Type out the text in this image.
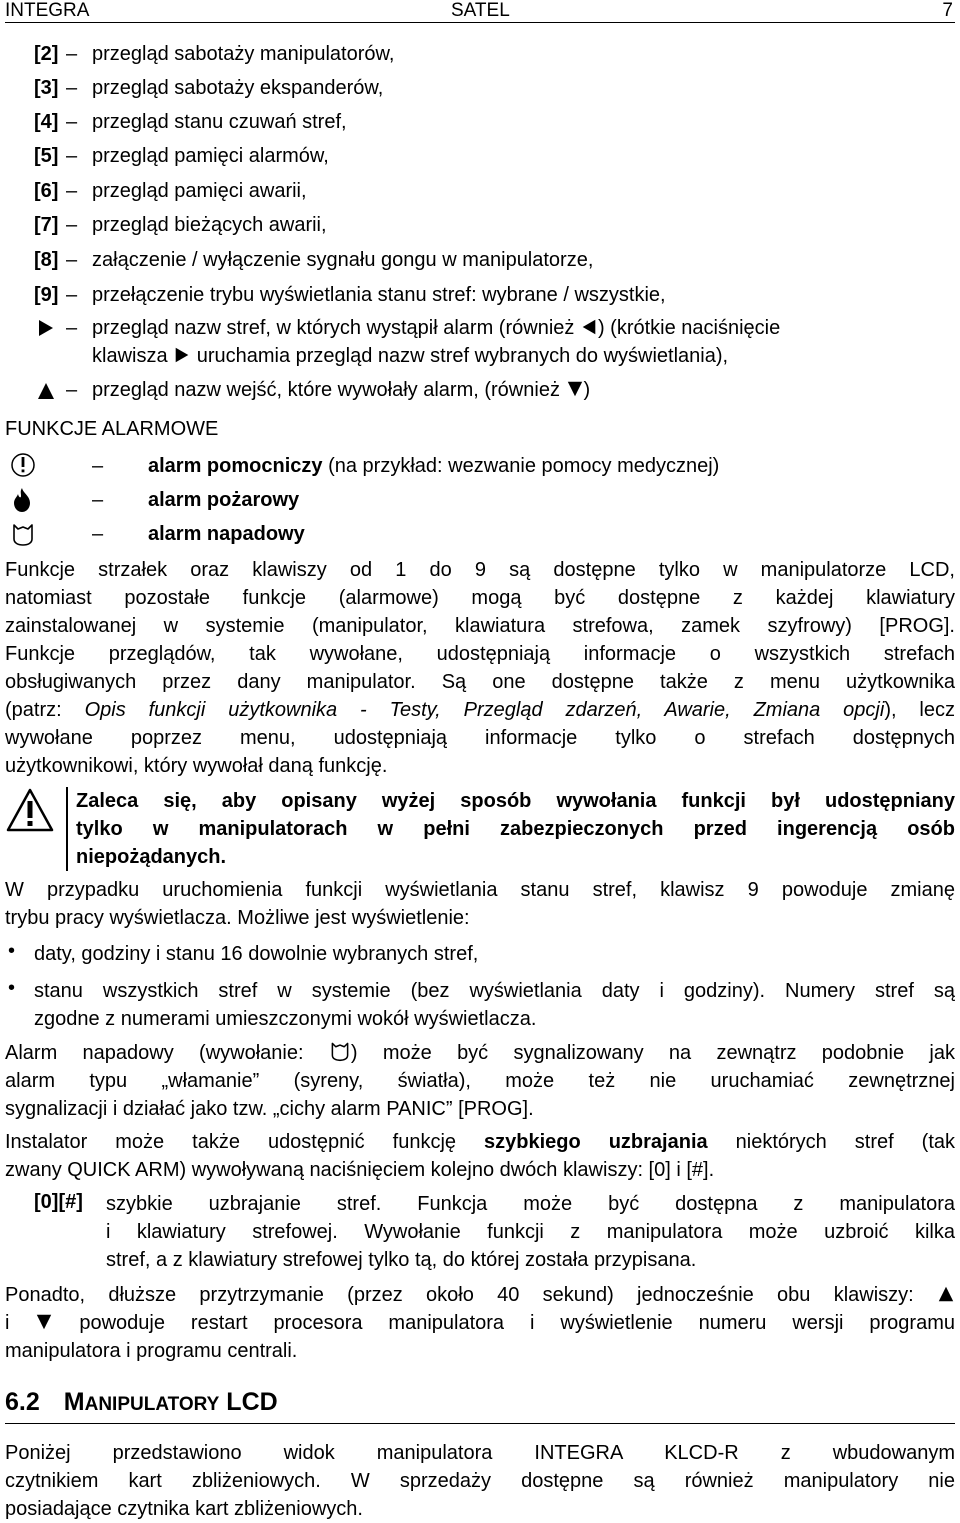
INTEGRA	SATEL	7
[2] – przegląd sabotaży manipulatorów,
[3] – przegląd sabotaży ekspanderów,
[4] – przegląd stanu czuwań stref,
[5] – przegląd pamięci alarmów,
[6] – przegląd pamięci awarii,
[7] – przegląd bieżących awarii,
[8] – załączenie / wyłączenie sygnału gongu w manipulatorze,
[9] – przełączenie trybu wyświetlania stanu stref: wybrane / wszystkie,
– przegląd nazw stref, w których wystąpił alarm (również ) (krótkie naciśnięcie
klawisza uruchamia przegląd nazw stref wybranych do wyświetlania),
– przegląd nazw wejść, które wywołały alarm, (również )
FUNKCJE ALARMOWE
– alarm pomocniczy (na przykład: wezwanie pomocy medycznej)
– alarm pożarowy
– alarm napadowy
Funkcje strzałek oraz klawiszy od 1 do 9 są dostępne tylko w manipulatorze LCD,
natomiast pozostałe funkcje (alarmowe) mogą być dostępne z każdej klawiatury
zainstalowanej w systemie (manipulator, klawiatura strefowa, zamek szyfrowy) [PROG].
Funkcje przeglądów, tak wywołane, udostępniają informacje o wszystkich strefach
obsługiwanych przez dany manipulator. Są one dostępne także z menu użytkownika
(patrz: Opis funkcji użytkownika - Testy, Przegląd zdarzeń, Awarie, Zmiana opcji), lecz
wywołane poprzez menu, udostępniają informacje tylko o strefach dostępnych
użytkownikowi, który wywołał daną funkcję.
Zaleca się, aby opisany wyżej sposób wywołania funkcji był udostępniany
tylko w manipulatorach w pełni zabezpieczonych przed ingerencją osób
niepożądanych.
W przypadku uruchomienia funkcji wyświetlania stanu stref, klawisz 9 powoduje zmianę
trybu pracy wyświetlacza. Możliwe jest wyświetlenie:
• daty, godziny i stanu 16 dowolnie wybranych stref,
• stanu wszystkich stref w systemie (bez wyświetlania daty i godziny). Numery stref są
zgodne z numerami umieszczonymi wokół wyświetlacza.
Alarm napadowy (wywołanie: ) może być sygnalizowany na zewnątrz podobnie jak
alarm typu „włamanie” (syreny, światła), może też nie uruchamiać zewnętrznej
sygnalizacji i działać jako tzw. „cichy alarm PANIC” [PROG].
Instalator może także udostępnić funkcję szybkiego uzbrajania niektórych stref (tak
zwany QUICK ARM) wywoływaną naciśnięciem kolejno dwóch klawiszy: [0] i [#].
[0][#] szybkie uzbrajanie stref. Funkcja może być dostępna z manipulatora
i klawiatury strefowej. Wywołanie funkcji z manipulatora może uzbroić kilka
stref, a z klawiatury strefowej tylko tą, do której została przypisana.
Ponadto, dłuższe przytrzymanie (przez około 40 sekund) jednocześnie obu klawiszy:
i	powoduje restart procesora manipulatora i wyświetlenie numeru wersji programu
manipulatora i programu centrali.
6.2 MANIPULATORY LCD
Poniżej przedstawiono widok manipulatora INTEGRA KLCD-R z wbudowanym
czytnikiem kart zbliżeniowych. W sprzedaży dostępne są również manipulatory nie
posiadające czytnika kart zbliżeniowych.
